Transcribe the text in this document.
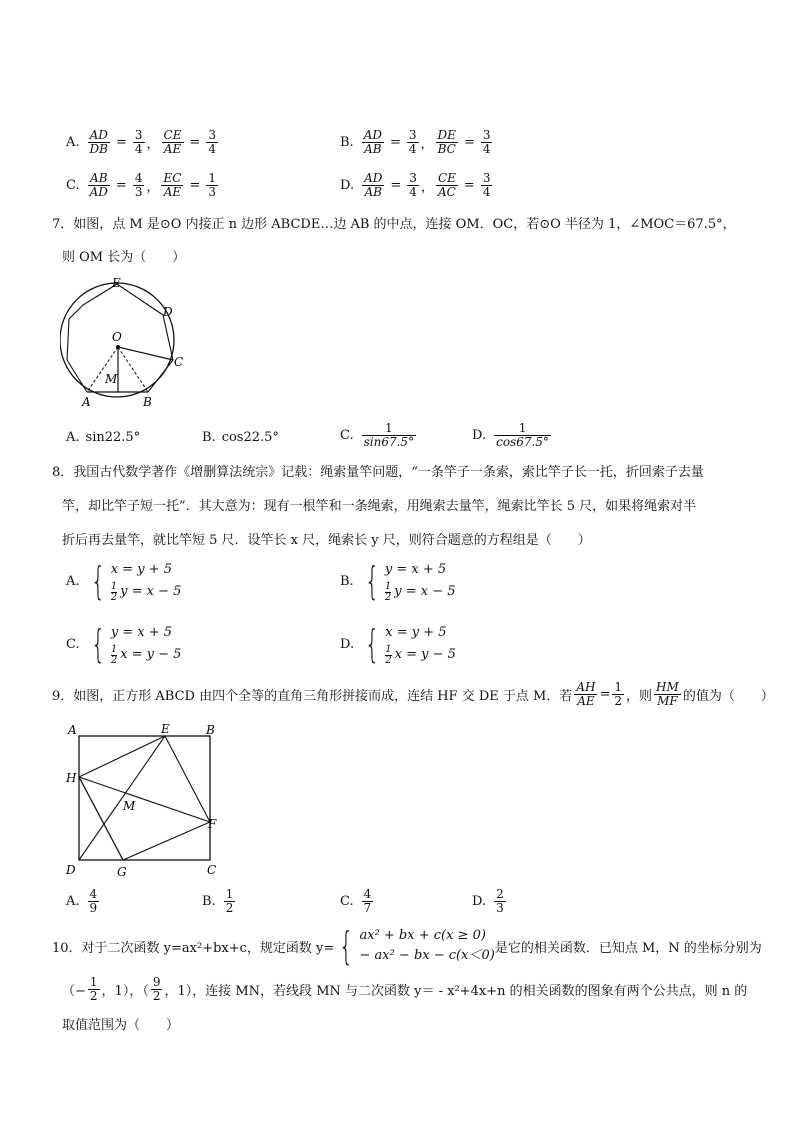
A. $\frac{AD}{DB} = \frac{3}{4}$ ， $\frac{CE}{AE} = \frac{3}{4}$	B. $\frac{AD}{AB} = \frac{3}{4}$ ， $\frac{DE}{BC} = \frac{3}{4}$
C. $\frac{AB}{AD} = \frac{4}{3}$ ， $\frac{EC}{AE} = \frac{1}{3}$	D. $\frac{AD}{AB} = \frac{3}{4}$ ， $\frac{CE}{AC} = \frac{3}{4}$
7．如图，点 M 是⊙O 内接正 n 边形 ABCDE…边 AB 的中点，连接 OM．OC，若⊙O 半径为 1，∠MOC＝67.5°，
则 OM 长为（　　）
E
D
O
C
M
A	B
A. sin22.5°	B. cos22.5°	C. $\frac{1}{\sin 67.5^\circ}$	D. $\frac{1}{\cos 67.5^\circ}$
8．我国古代数学著作《增删算法统宗》记载：绳索量竿问题，“一条竿子一条索，索比竿子长一托，折回索子去量
竿，却比竿子短一托”．其大意为：现有一根竿和一条绳索，用绳索去量竿，绳索比竿长 5 尺，如果将绳索对半
折后再去量竿，就比竿短 5 尺．设竿长 x 尺，绳索长 y 尺，则符合题意的方程组是（　　）
A. { x = y + 5
$\frac{1}{2}$ y = x − 5
B. { y = x + 5
$\frac{1}{2}$ y = x − 5
C. { y = x + 5
$\frac{1}{2}$ x = y − 5
D. { x = y + 5
$\frac{1}{2}$ x = y − 5
9．如图，正方形 ABCD 由四个全等的直角三角形拼接而成，连结 HF 交 DE 于点 M．若 $\frac{AH}{AE} = \frac{1}{2}$ ，则 $\frac{HM}{MF}$ 的值为（　　）
A	E	B
H
M
F
D	G	C
A. $\frac{4}{9}$	B. $\frac{1}{2}$	C. $\frac{4}{7}$	D. $\frac{2}{3}$
10．对于二次函数 y=ax²+bx+c，规定函数 y= { ax² + bx + c(x ≥ 0)
− ax² − bx − c(x＜0) 是它的相关函数．已知点 M，N 的坐标分别为
（− $\frac{1}{2}$ ，1），（ $\frac{9}{2}$ ，1），连接 MN，若线段 MN 与二次函数 y＝ - x²+4x+n 的相关函数的图象有两个公共点，则 n 的
取值范围为（　　）
